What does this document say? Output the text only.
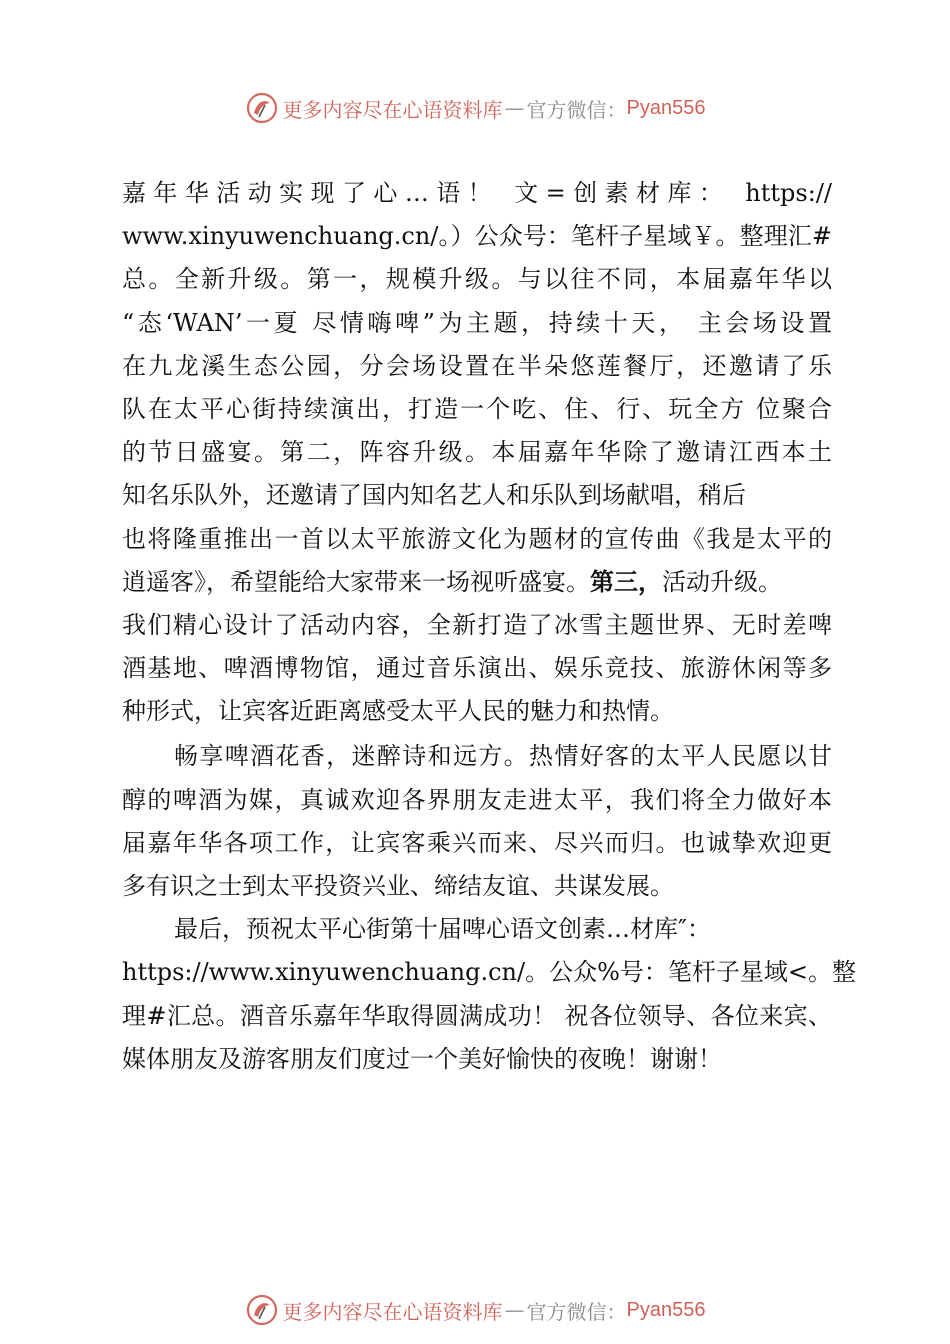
更多内容尽在心语资料库 — 官方微信： Pyan556
嘉年华活动实现了心…语！ 文=创素材库： https://
www.xinyuwenchuang.cn/。）公众号：笔杆子星域￥。整理汇#
总。全新升级。第一，规模升级。与以往不同，本届嘉年华以
“态‘WAN’一夏 尽情嗨啤”为主题，持续十天， 主会场设置
在九龙溪生态公园，分会场设置在半朵悠莲餐厅，还邀请了乐
队在太平心街持续演出，打造一个吃、住、行、玩全方 位聚合
的节日盛宴。第二，阵容升级。本届嘉年华除了邀请江西本土
知名乐队外，还邀请了国内知名艺人和乐队到场献唱，稍后
也将隆重推出一首以太平旅游文化为题材的宣传曲《我是太平的
逍遥客》，希望能给大家带来一场视听盛宴。第三，活动升级。
我们精心设计了活动内容，全新打造了冰雪主题世界、无时差啤
酒基地、啤酒博物馆，通过音乐演出、娱乐竞技、旅游休闲等多
种形式，让宾客近距离感受太平人民的魅力和热情。
畅享啤酒花香，迷醉诗和远方。热情好客的太平人民愿以甘
醇的啤酒为媒，真诚欢迎各界朋友走进太平，我们将全力做好本
届嘉年华各项工作，让宾客乘兴而来、尽兴而归。也诚挚欢迎更
多有识之士到太平投资兴业、缔结友谊、共谋发展。
最后，预祝太平心街第十届啤心语文创素…材库″：
https://www.xinyuwenchuang.cn/。公众%号：笔杆子星域<。整
理#汇总。酒音乐嘉年华取得圆满成功！ 祝各位领导、各位来宾、
媒体朋友及游客朋友们度过一个美好愉快的夜晚！谢谢！
更多内容尽在心语资料库 — 官方微信： Pyan556
